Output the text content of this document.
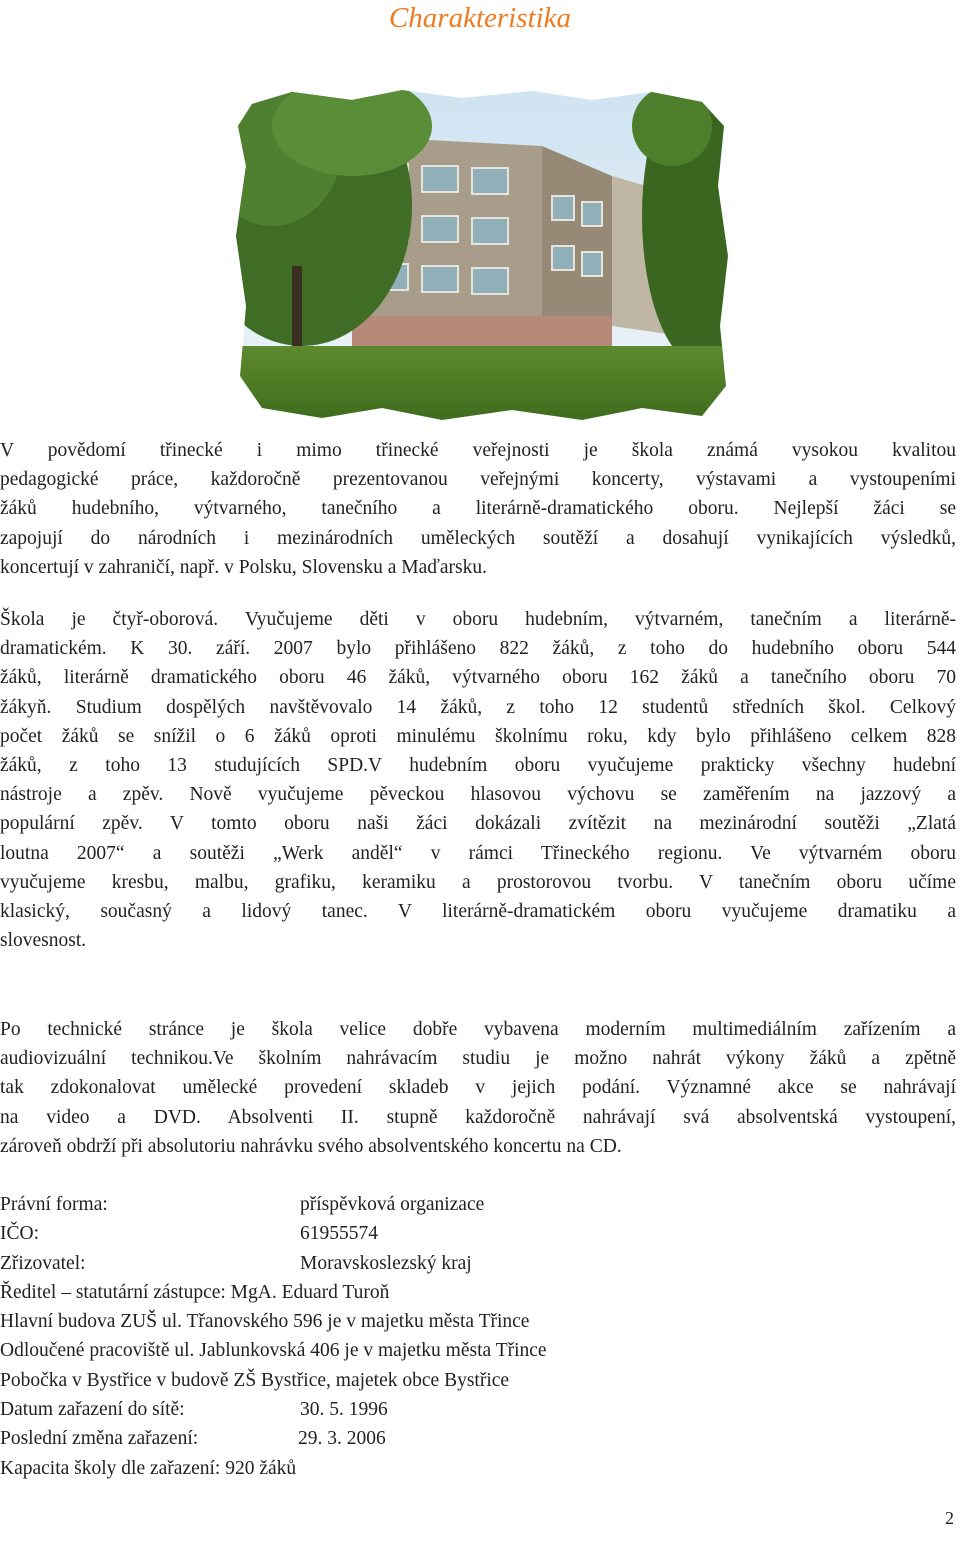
Charakteristika
V povědomí třinecké i mimo třinecké veřejnosti je škola známá vysokou kvalitou
pedagogické práce, každoročně prezentovanou veřejnými koncerty, výstavami a vystoupeními
žáků hudebního, výtvarného, tanečního a literárně-dramatického oboru. Nejlepší žáci se
zapojují do národních i mezinárodních uměleckých soutěží a dosahují vynikajících výsledků,
koncertují v zahraničí, např. v Polsku, Slovensku a Maďarsku.
Škola je čtyř-oborová. Vyučujeme děti v oboru hudebním, výtvarném, tanečním a literárně-
dramatickém. K 30. září. 2007 bylo přihlášeno 822 žáků, z toho do hudebního oboru 544
žáků, literárně dramatického oboru 46 žáků, výtvarného oboru 162 žáků a tanečního oboru 70
žákyň. Studium dospělých navštěvovalo 14 žáků, z toho 12 studentů středních škol. Celkový
počet žáků se snížil o 6 žáků oproti minulému školnímu roku, kdy bylo přihlášeno celkem 828
žáků, z toho 13 studujících SPD.V hudebním oboru vyučujeme prakticky všechny hudební
nástroje a zpěv. Nově vyučujeme pěveckou hlasovou výchovu se zaměřením na jazzový a
populární zpěv. V tomto oboru naši žáci dokázali zvítězit na mezinárodní soutěži „Zlatá
loutna 2007“ a soutěži „Werk anděl“ v rámci Třineckého regionu. Ve výtvarném oboru
vyučujeme kresbu, malbu, grafiku, keramiku a prostorovou tvorbu. V tanečním oboru učíme
klasický, současný a lidový tanec. V literárně-dramatickém oboru vyučujeme dramatiku a
slovesnost.
Po technické stránce je škola velice dobře vybavena moderním multimediálním zařízením a
audiovizuální technikou.Ve školním nahrávacím studiu je možno nahrát výkony žáků a zpětně
tak zdokonalovat umělecké provedení skladeb v jejich podání. Významné akce se nahrávají
na video a DVD. Absolventi II. stupně každoročně nahrávají svá absolventská vystoupení,
zároveň obdrží při absolutoriu nahrávku svého absolventského koncertu na CD.
Právní forma:	příspěvková organizace
IČO:	61955574
Zřizovatel:	Moravskoslezský kraj
Ředitel – statutární zástupce: MgA. Eduard Turoň
Hlavní budova ZUŠ ul. Třanovského 596 je v majetku města Třince
Odloučené pracoviště ul. Jablunkovská 406 je v majetku města Třince
Pobočka v Bystřice v budově ZŠ Bystřice, majetek obce Bystřice
Datum zařazení do sítě:	30. 5. 1996
Poslední změna zařazení:	29. 3. 2006
Kapacita školy dle zařazení: 920 žáků
2
